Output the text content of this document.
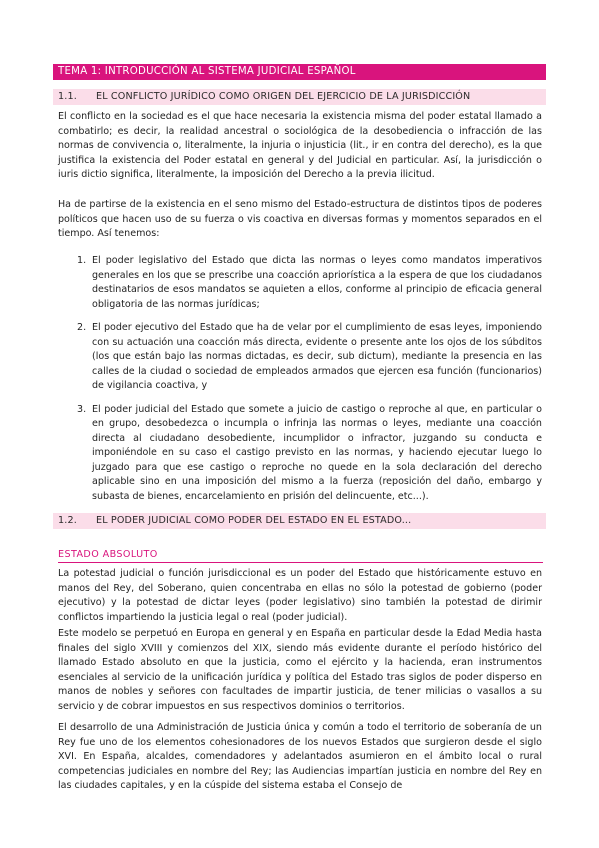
TEMA 1: INTRODUCCIÓN AL SISTEMA JUDICIAL ESPAÑOL
1.1. EL CONFLICTO JURÍDICO COMO ORIGEN DEL EJERCICIO DE LA JURISDICCIÓN

El conflicto en la sociedad es el que hace necesaria la existencia misma del poder estatal llamado a combatirlo; es decir, la realidad ancestral o sociológica de la desobediencia o infracción de las normas de convivencia o, literalmente, la injuria o injusticia (lit., ir en contra del derecho), es la que justifica la existencia del Poder estatal en general y del Judicial en particular. Así, la jurisdicción o iuris dictio significa, literalmente, la imposición del Derecho a la previa ilicitud.

Ha de partirse de la existencia en el seno mismo del Estado-estructura de distintos tipos de poderes políticos que hacen uso de su fuerza o vis coactiva en diversas formas y momentos separados en el tiempo. Así tenemos:

1. El poder legislativo del Estado que dicta las normas o leyes como mandatos imperativos generales en los que se prescribe una coacción apriorística a la espera de que los ciudadanos destinatarios de esos mandatos se aquieten a ellos, conforme al principio de eficacia general obligatoria de las normas jurídicas;
2. El poder ejecutivo del Estado que ha de velar por el cumplimiento de esas leyes, imponiendo con su actuación una coacción más directa, evidente o presente ante los ojos de los súbditos (los que están bajo las normas dictadas, es decir, sub dictum), mediante la presencia en las calles de la ciudad o sociedad de empleados armados que ejercen esa función (funcionarios) de vigilancia coactiva, y
3. El poder judicial del Estado que somete a juicio de castigo o reproche al que, en particular o en grupo, desobedezca o incumpla o infrinja las normas o leyes, mediante una coacción directa al ciudadano desobediente, incumplidor o infractor, juzgando su conducta e imponiéndole en su caso el castigo previsto en las normas, y haciendo ejecutar luego lo juzgado para que ese castigo o reproche no quede en la sola declaración del derecho aplicable sino en una imposición del mismo a la fuerza (reposición del daño, embargo y subasta de bienes, encarcelamiento en prisión del delincuente, etc...).
1.2. EL PODER JUDICIAL COMO PODER DEL ESTADO EN EL ESTADO...
ESTADO ABSOLUTO

La potestad judicial o función jurisdiccional es un poder del Estado que históricamente estuvo en manos del Rey, del Soberano, quien concentraba en ellas no sólo la potestad de gobierno (poder ejecutivo) y la potestad de dictar leyes (poder legislativo) sino también la potestad de dirimir conflictos impartiendo la justicia legal o real (poder judicial).

Este modelo se perpetuó en Europa en general y en España en particular desde la Edad Media hasta finales del siglo XVIII y comienzos del XIX, siendo más evidente durante el período histórico del llamado Estado absoluto en que la justicia, como el ejército y la hacienda, eran instrumentos esenciales al servicio de la unificación jurídica y política del Estado tras siglos de poder disperso en manos de nobles y señores con facultades de impartir justicia, de tener milicias o vasallos a su servicio y de cobrar impuestos en sus respectivos dominios o territorios.

El desarrollo de una Administración de Justicia única y común a todo el territorio de soberanía de un Rey fue uno de los elementos cohesionadores de los nuevos Estados que surgieron desde el siglo XVI. En España, alcaldes, comendadores y adelantados asumieron en el ámbito local o rural competencias judiciales en nombre del Rey; las Audiencias impartían justicia en nombre del Rey en las ciudades capitales, y en la cúspide del sistema estaba el Consejo de
